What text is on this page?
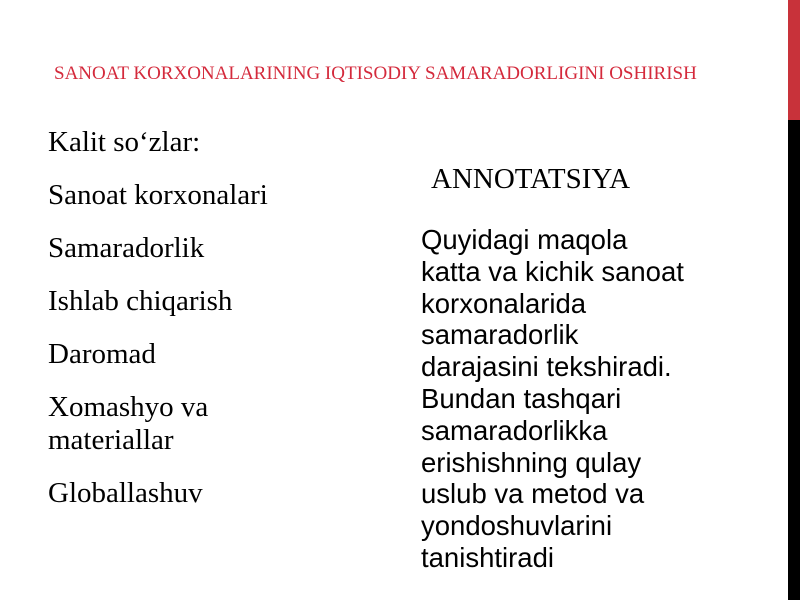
SANOAT KORXONALARINING IQTISODIY SAMARADORLIGINI OSHIRISH
Kalit so‘zlar:
Sanoat korxonalari
Samaradorlik
Ishlab chiqarish
Daromad
Xomashyo va materiallar
Globallashuv
ANNOTATSIYA

Quyidagi maqola
katta va kichik sanoat
korxonalarida
samaradorlik
darajasini tekshiradi.
Bundan tashqari
samaradorlikka
erishishning qulay
uslub va metod va
yondoshuvlarini
tanishtiradi
